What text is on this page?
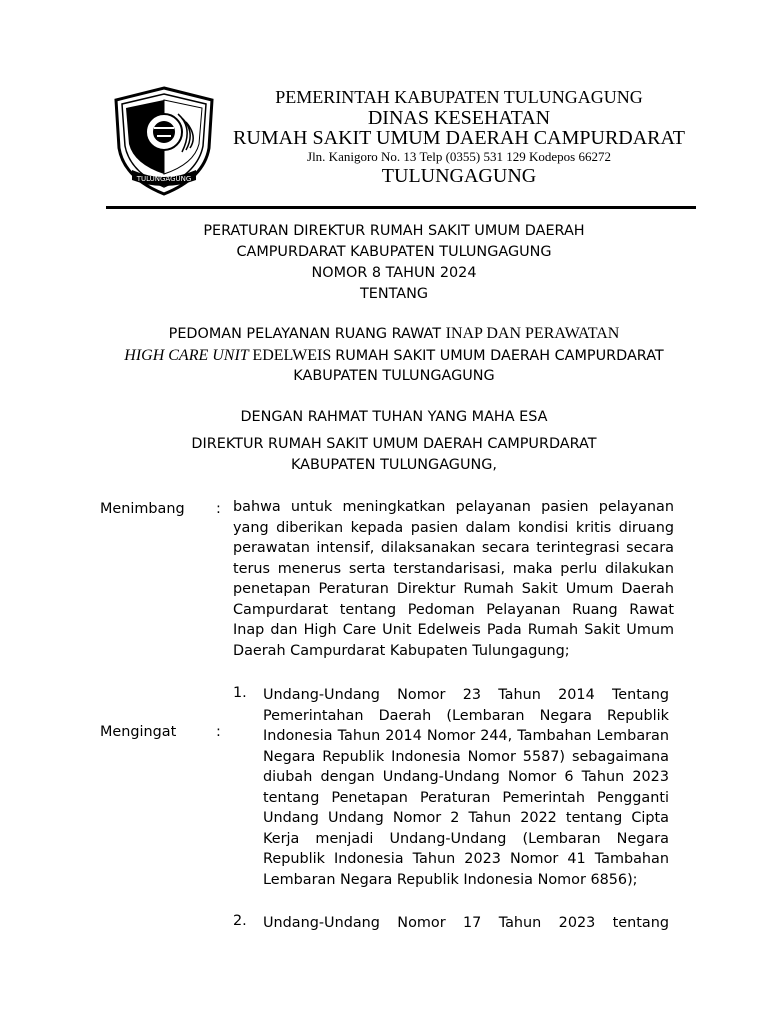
TULUNGAGUNG
PEMERINTAH KABUPATEN TULUNGAGUNG
DINAS KESEHATAN
RUMAH SAKIT UMUM DAERAH CAMPURDARAT
Jln. Kanigoro No. 13 Telp (0355) 531 129 Kodepos 66272
TULUNGAGUNG
PERATURAN DIREKTUR RUMAH SAKIT UMUM DAERAH
CAMPURDARAT KABUPATEN TULUNGAGUNG
NOMOR 8 TAHUN 2024
TENTANG
PEDOMAN PELAYANAN RUANG RAWAT INAP DAN PERAWATAN
HIGH CARE UNIT EDELWEIS RUMAH SAKIT UMUM DAERAH CAMPURDARAT
KABUPATEN TULUNGAGUNG
DENGAN RAHMAT TUHAN YANG MAHA ESA
DIREKTUR RUMAH SAKIT UMUM DAERAH CAMPURDARAT
KABUPATEN TULUNGAGUNG,
Menimbang : bahwa untuk meningkatkan pelayanan pasien pelayanan yang diberikan kepada pasien dalam kondisi kritis diruang perawatan intensif, dilaksanakan secara terintegrasi secara terus menerus serta terstandarisasi, maka perlu dilakukan penetapan Peraturan Direktur Rumah Sakit Umum Daerah Campurdarat tentang Pedoman Pelayanan Ruang Rawat Inap dan High Care Unit Edelweis Pada Rumah Sakit Umum Daerah Campurdarat Kabupaten Tulungagung;
Mengingat	:
1. Undang-Undang Nomor 23 Tahun 2014 Tentang Pemerintahan Daerah (Lembaran Negara Republik Indonesia Tahun 2014 Nomor 244, Tambahan Lembaran Negara Republik Indonesia Nomor 5587) sebagaimana diubah dengan Undang-Undang Nomor 6 Tahun 2023 tentang Penetapan Peraturan Pemerintah Pengganti Undang Undang Nomor 2 Tahun 2022 tentang Cipta Kerja menjadi Undang-Undang (Lembaran Negara Republik Indonesia Tahun 2023 Nomor 41 Tambahan Lembaran Negara Republik Indonesia Nomor 6856);
2. Undang-Undang Nomor 17 Tahun 2023 tentang
